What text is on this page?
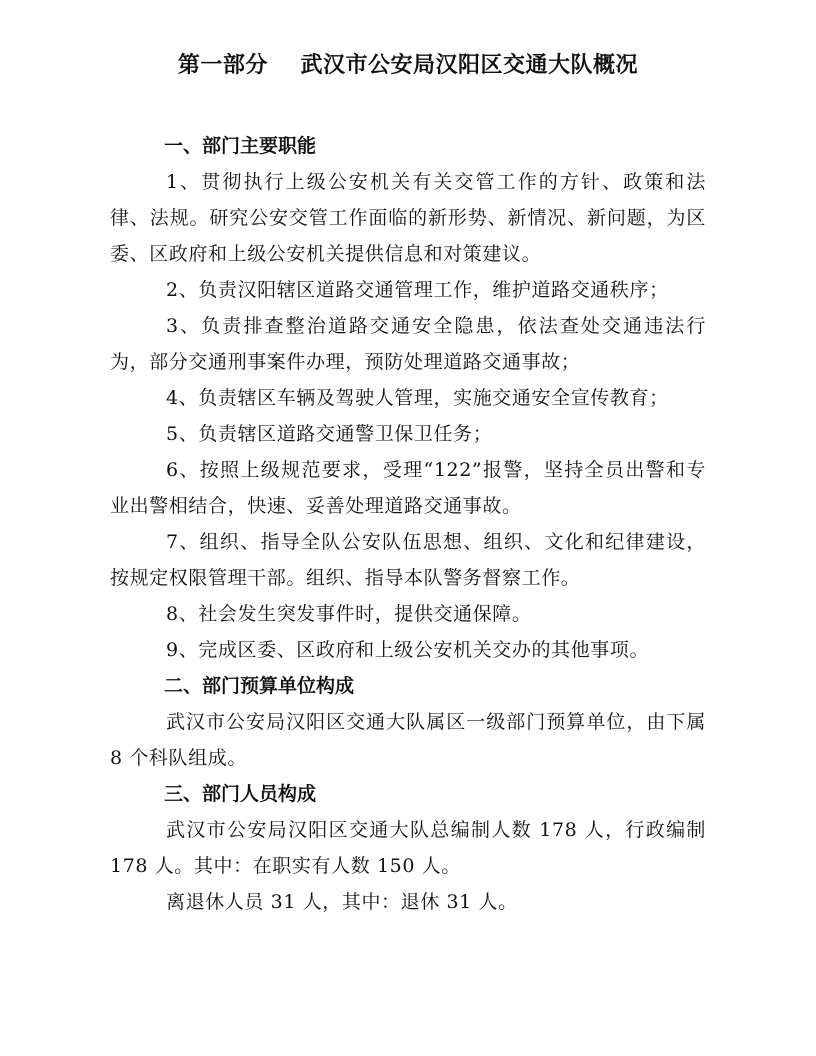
第一部分    武汉市公安局汉阳区交通大队概况

一、部门主要职能

1、贯彻执行上级公安机关有关交管工作的方针、政策和法律、法规。研究公安交管工作面临的新形势、新情况、新问题，为区委、区政府和上级公安机关提供信息和对策建议。

2、负责汉阳辖区道路交通管理工作，维护道路交通秩序；

3、负责排查整治道路交通安全隐患，依法查处交通违法行为，部分交通刑事案件办理，预防处理道路交通事故；

4、负责辖区车辆及驾驶人管理，实施交通安全宣传教育；

5、负责辖区道路交通警卫保卫任务；

6、按照上级规范要求，受理“122”报警，坚持全员出警和专业出警相结合，快速、妥善处理道路交通事故。

7、组织、指导全队公安队伍思想、组织、文化和纪律建设，按规定权限管理干部。组织、指导本队警务督察工作。

8、社会发生突发事件时，提供交通保障。

9、完成区委、区政府和上级公安机关交办的其他事项。

二、部门预算单位构成

武汉市公安局汉阳区交通大队属区一级部门预算单位，由下属 8 个科队组成。

三、部门人员构成

武汉市公安局汉阳区交通大队总编制人数 178 人，行政编制 178 人。其中：在职实有人数 150 人。

离退休人员 31 人，其中：退休 31 人。
